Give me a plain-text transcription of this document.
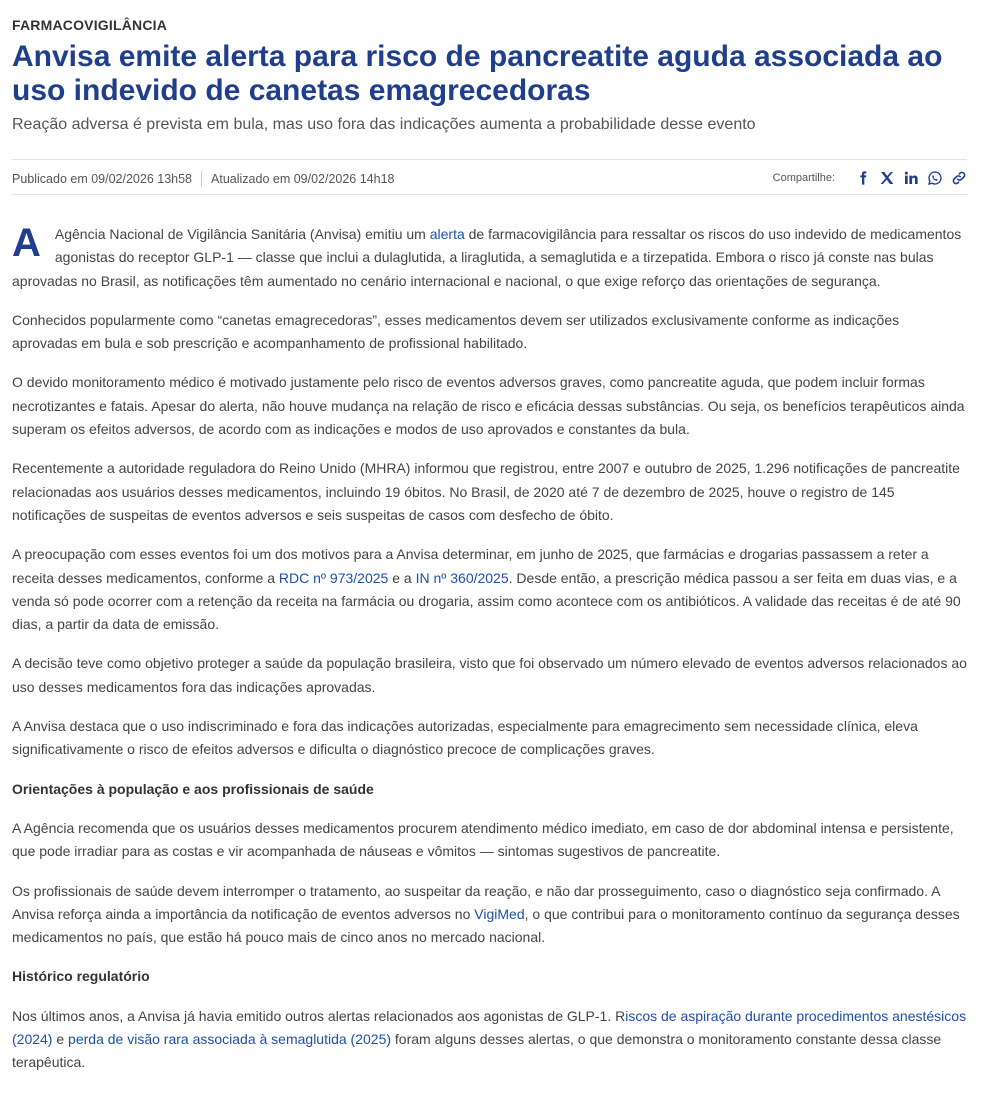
FARMACOVIGILÂNCIA
Anvisa emite alerta para risco de pancreatite aguda associada ao uso indevido de canetas emagrecedoras
Reação adversa é prevista em bula, mas uso fora das indicações aumenta a probabilidade desse evento
Publicado em 09/02/2026 13h58 Atualizado em 09/02/2026 14h18	Compartilhe:

A Agência Nacional de Vigilância Sanitária (Anvisa) emitiu um alerta de farmacovigilância para ressaltar os riscos do uso indevido de medicamentos agonistas do receptor GLP-1 — classe que inclui a dulaglutida, a liraglutida, a semaglutida e a tirzepatida. Embora o risco já conste nas bulas aprovadas no Brasil, as notificações têm aumentado no cenário internacional e nacional, o que exige reforço das orientações de segurança.

Conhecidos popularmente como “canetas emagrecedoras”, esses medicamentos devem ser utilizados exclusivamente conforme as indicações aprovadas em bula e sob prescrição e acompanhamento de profissional habilitado.

O devido monitoramento médico é motivado justamente pelo risco de eventos adversos graves, como pancreatite aguda, que podem incluir formas necrotizantes e fatais. Apesar do alerta, não houve mudança na relação de risco e eficácia dessas substâncias. Ou seja, os benefícios terapêuticos ainda superam os efeitos adversos, de acordo com as indicações e modos de uso aprovados e constantes da bula.

Recentemente a autoridade reguladora do Reino Unido (MHRA) informou que registrou, entre 2007 e outubro de 2025, 1.296 notificações de pancreatite relacionadas aos usuários desses medicamentos, incluindo 19 óbitos. No Brasil, de 2020 até 7 de dezembro de 2025, houve o registro de 145 notificações de suspeitas de eventos adversos e seis suspeitas de casos com desfecho de óbito.

A preocupação com esses eventos foi um dos motivos para a Anvisa determinar, em junho de 2025, que farmácias e drogarias passassem a reter a receita desses medicamentos, conforme a RDC nº 973/2025 e a IN nº 360/2025. Desde então, a prescrição médica passou a ser feita em duas vias, e a venda só pode ocorrer com a retenção da receita na farmácia ou drogaria, assim como acontece com os antibióticos. A validade das receitas é de até 90 dias, a partir da data de emissão.

A decisão teve como objetivo proteger a saúde da população brasileira, visto que foi observado um número elevado de eventos adversos relacionados ao uso desses medicamentos fora das indicações aprovadas.

A Anvisa destaca que o uso indiscriminado e fora das indicações autorizadas, especialmente para emagrecimento sem necessidade clínica, eleva significativamente o risco de efeitos adversos e dificulta o diagnóstico precoce de complicações graves.

Orientações à população e aos profissionais de saúde

A Agência recomenda que os usuários desses medicamentos procurem atendimento médico imediato, em caso de dor abdominal intensa e persistente, que pode irradiar para as costas e vir acompanhada de náuseas e vômitos — sintomas sugestivos de pancreatite.

Os profissionais de saúde devem interromper o tratamento, ao suspeitar da reação, e não dar prosseguimento, caso o diagnóstico seja confirmado. A Anvisa reforça ainda a importância da notificação de eventos adversos no VigiMed, o que contribui para o monitoramento contínuo da segurança desses medicamentos no país, que estão há pouco mais de cinco anos no mercado nacional.

Histórico regulatório

Nos últimos anos, a Anvisa já havia emitido outros alertas relacionados aos agonistas de GLP-1. Riscos de aspiração durante procedimentos anestésicos (2024) e perda de visão rara associada à semaglutida (2025) foram alguns desses alertas, o que demonstra o monitoramento constante dessa classe terapêutica.
